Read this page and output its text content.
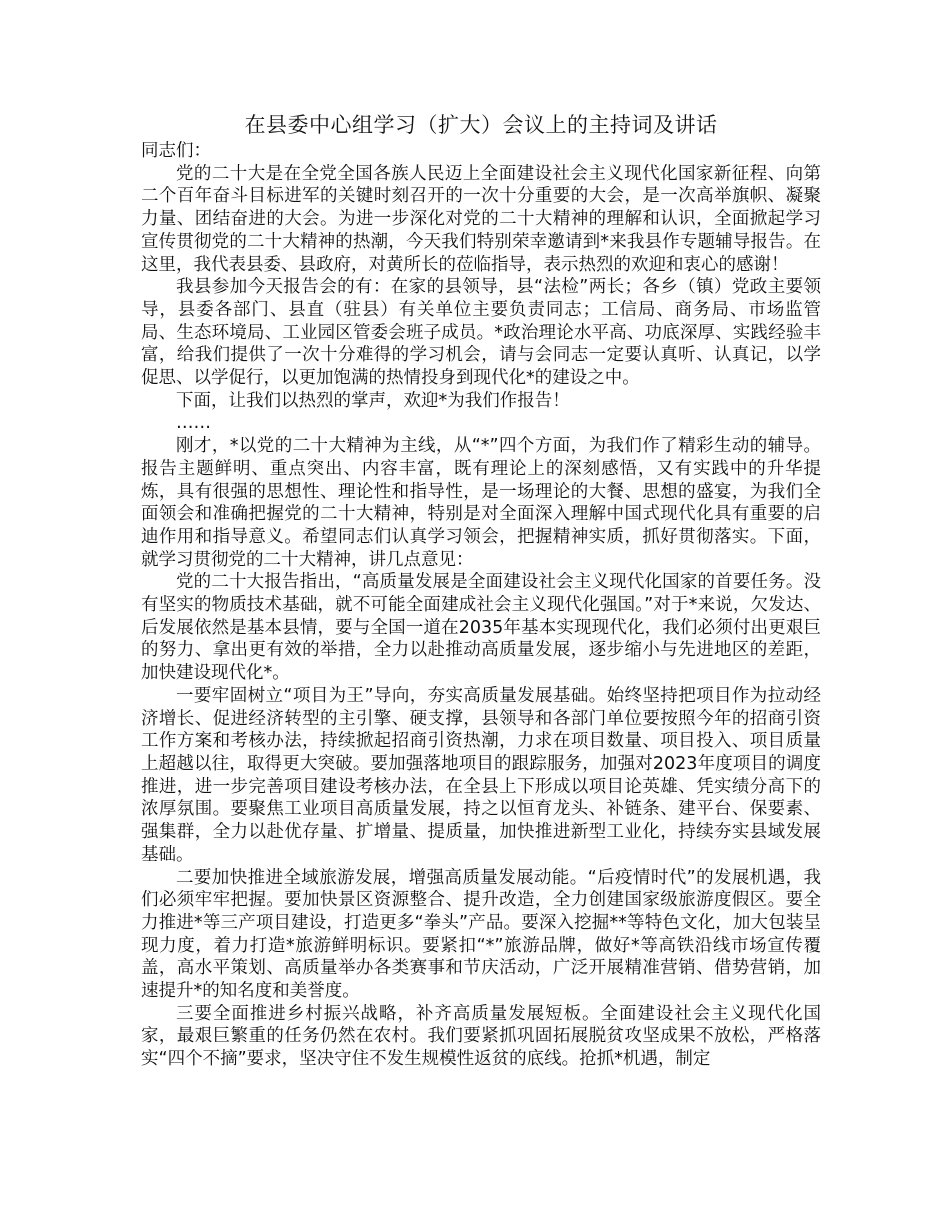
在县委中心组学习（扩大）会议上的主持词及讲话

同志们：

党的二十大是在全党全国各族人民迈上全面建设社会主义现代化国家新征程、向第二个百年奋斗目标进军的关键时刻召开的一次十分重要的大会，是一次高举旗帜、凝聚力量、团结奋进的大会。为进一步深化对党的二十大精神的理解和认识，全面掀起学习宣传贯彻党的二十大精神的热潮，今天我们特别荣幸邀请到*来我县作专题辅导报告。在这里，我代表县委、县政府，对黄所长的莅临指导，表示热烈的欢迎和衷心的感谢！

我县参加今天报告会的有：在家的县领导，县“法检”两长；各乡（镇）党政主要领导，县委各部门、县直（驻县）有关单位主要负责同志；工信局、商务局、市场监管局、生态环境局、工业园区管委会班子成员。*政治理论水平高、功底深厚、实践经验丰富，给我们提供了一次十分难得的学习机会，请与会同志一定要认真听、认真记，以学促思、以学促行，以更加饱满的热情投身到现代化*的建设之中。

下面，让我们以热烈的掌声，欢迎*为我们作报告！

……

刚才，*以党的二十大精神为主线，从“*”四个方面，为我们作了精彩生动的辅导。报告主题鲜明、重点突出、内容丰富，既有理论上的深刻感悟，又有实践中的升华提炼，具有很强的思想性、理论性和指导性，是一场理论的大餐、思想的盛宴，为我们全面领会和准确把握党的二十大精神，特别是对全面深入理解中国式现代化具有重要的启迪作用和指导意义。希望同志们认真学习领会，把握精神实质，抓好贯彻落实。下面，就学习贯彻党的二十大精神，讲几点意见：

党的二十大报告指出，“高质量发展是全面建设社会主义现代化国家的首要任务。没有坚实的物质技术基础，就不可能全面建成社会主义现代化强国。”对于*来说，欠发达、后发展依然是基本县情，要与全国一道在2035年基本实现现代化，我们必须付出更艰巨的努力、拿出更有效的举措，全力以赴推动高质量发展，逐步缩小与先进地区的差距，加快建设现代化*。

一要牢固树立“项目为王”导向，夯实高质量发展基础。始终坚持把项目作为拉动经济增长、促进经济转型的主引擎、硬支撑，县领导和各部门单位要按照今年的招商引资工作方案和考核办法，持续掀起招商引资热潮，力求在项目数量、项目投入、项目质量上超越以往，取得更大突破。要加强落地项目的跟踪服务，加强对2023年度项目的调度推进，进一步完善项目建设考核办法，在全县上下形成以项目论英雄、凭实绩分高下的浓厚氛围。要聚焦工业项目高质量发展，持之以恒育龙头、补链条、建平台、保要素、强集群，全力以赴优存量、扩增量、提质量，加快推进新型工业化，持续夯实县域发展基础。

二要加快推进全域旅游发展，增强高质量发展动能。“后疫情时代”的发展机遇，我们必须牢牢把握。要加快景区资源整合、提升改造，全力创建国家级旅游度假区。要全力推进*等三产项目建设，打造更多“拳头”产品。要深入挖掘**等特色文化，加大包装呈现力度，着力打造*旅游鲜明标识。要紧扣“*”旅游品牌，做好*等高铁沿线市场宣传覆盖，高水平策划、高质量举办各类赛事和节庆活动，广泛开展精准营销、借势营销，加速提升*的知名度和美誉度。

三要全面推进乡村振兴战略，补齐高质量发展短板。全面建设社会主义现代化国家，最艰巨繁重的任务仍然在农村。我们要紧抓巩固拓展脱贫攻坚成果不放松，严格落实“四个不摘”要求，坚决守住不发生规模性返贫的底线。抢抓*机遇，制定
